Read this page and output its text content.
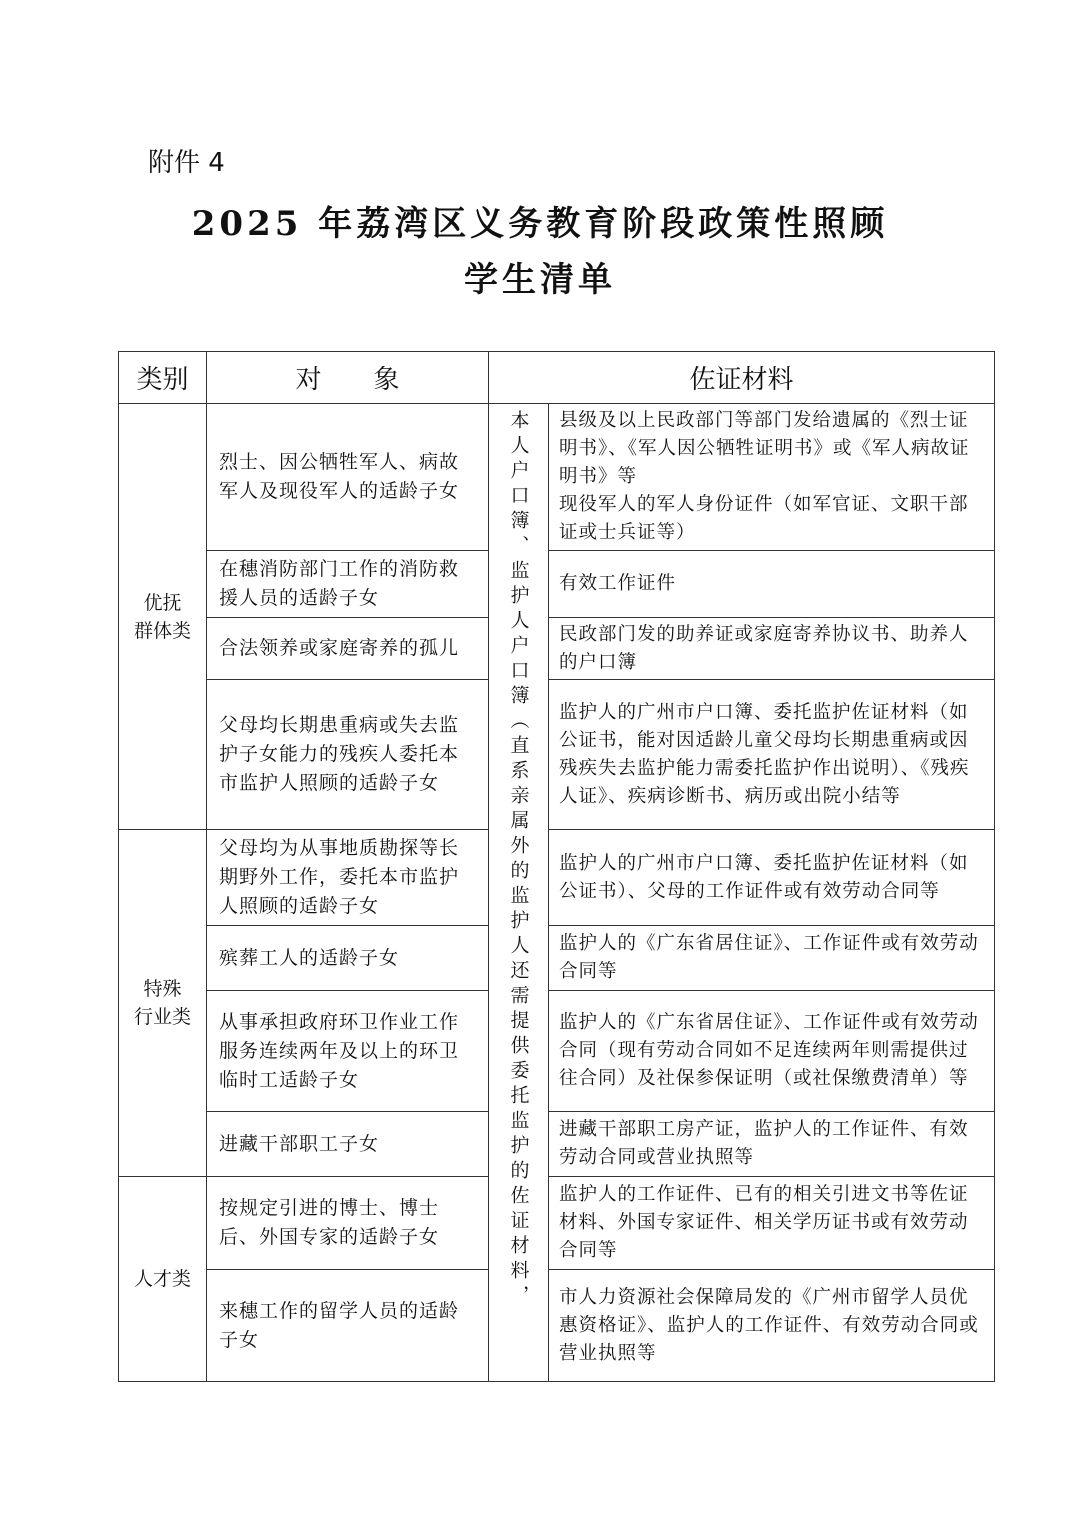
附件 4
2025 年荔湾区义务教育阶段政策性照顾
学生清单
类别	对　　象	佐证材料	

优抚
群体类	烈士、因公牺牲军人、病故军人及现役军人的适龄子女	本人户口簿、监护人户口簿（直系亲属外的监护人还需提供委托监护的佐证材料，	县级及以上民政部门等部门发给遗属的《烈士证明书》、《军人因公牺牲证明书》或《军人病故证明书》等
现役军人的军人身份证件（如军官证、文职干部证或士兵证等）
	在穗消防部门工作的消防救援人员的适龄子女		有效工作证件
	合法领养或家庭寄养的孤儿		民政部门发的助养证或家庭寄养协议书、助养人的户口簿
	父母均长期患重病或失去监护子女能力的残疾人委托本市监护人照顾的适龄子女		监护人的广州市户口簿、委托监护佐证材料（如公证书，能对因适龄儿童父母均长期患重病或因残疾失去监护能力需委托监护作出说明）、《残疾人证》、疾病诊断书、病历或出院小结等

特殊
行业类	父母均为从事地质勘探等长期野外工作，委托本市监护人照顾的适龄子女		监护人的广州市户口簿、委托监护佐证材料（如公证书）、父母的工作证件或有效劳动合同等
	殡葬工人的适龄子女		监护人的《广东省居住证》、工作证件或有效劳动合同等
	从事承担政府环卫作业工作服务连续两年及以上的环卫临时工适龄子女		监护人的《广东省居住证》、工作证件或有效劳动合同（现有劳动合同如不足连续两年则需提供过往合同）及社保参保证明（或社保缴费清单）等
	进藏干部职工子女		进藏干部职工房产证，监护人的工作证件、有效劳动合同或营业执照等

人才类	按规定引进的博士、博士后、外国专家的适龄子女		监护人的工作证件、已有的相关引进文书等佐证材料、外国专家证件、相关学历证书或有效劳动合同等
	来穗工作的留学人员的适龄子女		市人力资源社会保障局发的《广州市留学人员优惠资格证》、监护人的工作证件、有效劳动合同或营业执照等
